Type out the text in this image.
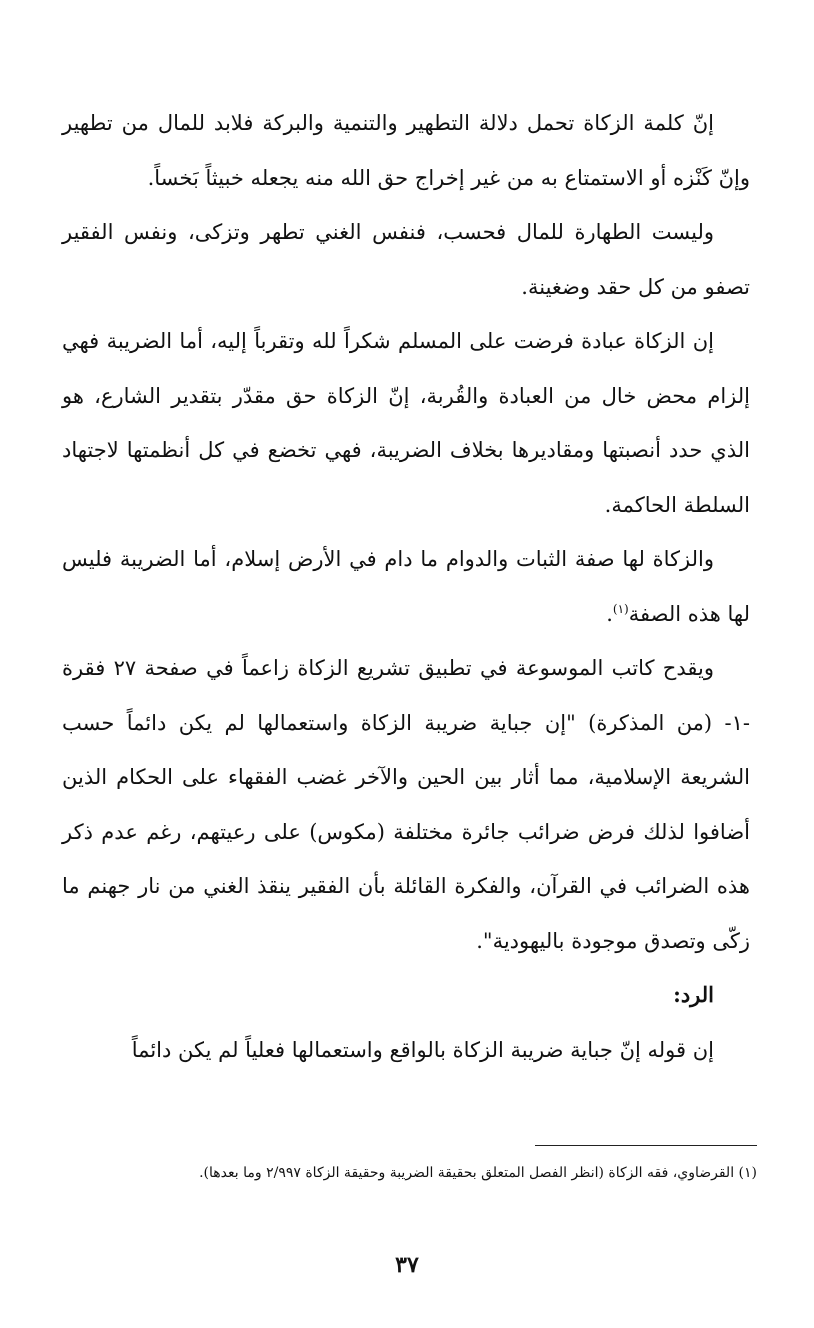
إنّ كلمة الزكاة تحمل دلالة التطهير والتنمية والبركة فلابد للمال من تطهير وإنّ كَنْزه أو الاستمتاع به من غير إخراج حق الله منه يجعله خبيثاً بَخساً.

وليست الطهارة للمال فحسب، فنفس الغني تطهر وتزكى، ونفس الفقير تصفو من كل حقد وضغينة.

إن الزكاة عبادة فرضت على المسلم شكراً لله وتقرباً إليه، أما الضريبة فهي إلزام محض خال من العبادة والقُربة، إنّ الزكاة حق مقدّر بتقدير الشارع، هو الذي حدد أنصبتها ومقاديرها بخلاف الضريبة، فهي تخضع في كل أنظمتها لاجتهاد السلطة الحاكمة.

والزكاة لها صفة الثبات والدوام ما دام في الأرض إسلام، أما الضريبة فليس لها هذه الصفة$^{(١)}$.

ويقدح كاتب الموسوعة في تطبيق تشريع الزكاة زاعماً في صفحة ٢٧ فقرة -١- (من المذكرة) "إن جباية ضريبة الزكاة واستعمالها لم يكن دائماً حسب الشريعة الإسلامية، مما أثار بين الحين والآخر غضب الفقهاء على الحكام الذين أضافوا لذلك فرض ضرائب جائرة مختلفة (مكوس) على رعيتهم، رغم عدم ذكر هذه الضرائب في القرآن، والفكرة القائلة بأن الفقير ينقذ الغني من نار جهنم ما زكّى وتصدق موجودة باليهودية".

الرد:

إن قوله إنّ جباية ضريبة الزكاة بالواقع واستعمالها فعلياً لم يكن دائماً

(١) القرضاوي، فقه الزكاة (انظر الفصل المتعلق بحقيقة الضريبة وحقيقة الزكاة ٢/٩٩٧ وما بعدها).
٣٧
